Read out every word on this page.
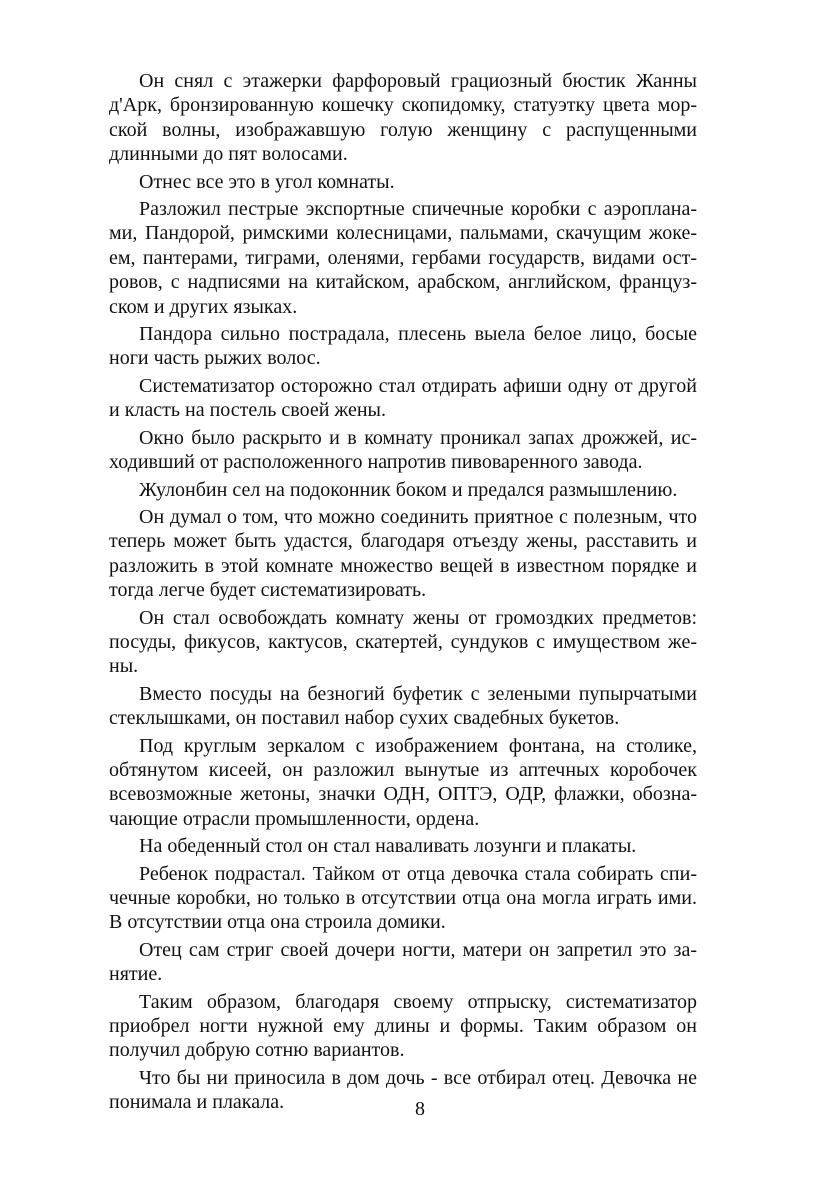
Он снял с этажерки фарфоровый грациозный бюстик Жанны
д'Арк, бронзированную кошечку скопидомку, статуэтку цвета мор-
ской волны, изображавшую голую женщину с распущенными
длинными до пят волосами.

Отнес все это в угол комнаты.

Разложил пестрые экспортные спичечные коробки с аэроплана-
ми, Пандорой, римскими колесницами, пальмами, скачущим жоке-
ем, пантерами, тиграми, оленями, гербами государств, видами ост-
ровов, с надписями на китайском, арабском, английском, француз-
ском и других языках.

Пандора сильно пострадала, плесень выела белое лицо, босые
ноги часть рыжих волос.

Систематизатор осторожно стал отдирать афиши одну от другой
и класть на постель своей жены.

Окно было раскрыто и в комнату проникал запах дрожжей, ис-
ходивший от расположенного напротив пивоваренного завода.

Жулонбин сел на подоконник боком и предался размышлению.

Он думал о том, что можно соединить приятное с полезным, что
теперь может быть удастся, благодаря отъезду жены, расставить и
разложить в этой комнате множество вещей в известном порядке и
тогда легче будет систематизировать.

Он стал освобождать комнату жены от громоздких предметов:
посуды, фикусов, кактусов, скатертей, сундуков с имуществом же-
ны.

Вместо посуды на безногий буфетик с зелеными пупырчатыми
стеклышками, он поставил набор сухих свадебных букетов.

Под круглым зеркалом с изображением фонтана, на столике,
обтянутом кисеей, он разложил вынутые из аптечных коробочек
всевозможные жетоны, значки ОДН, ОПТЭ, ОДР, флажки, обозна-
чающие отрасли промышленности, ордена.

На обеденный стол он стал наваливать лозунги и плакаты.

Ребенок подрастал. Тайком от отца девочка стала собирать спи-
чечные коробки, но только в отсутствии отца она могла играть ими.
В отсутствии отца она строила домики.

Отец сам стриг своей дочери ногти, матери он запретил это за-
нятие.

Таким образом, благодаря своему отпрыску, систематизатор
приобрел ногти нужной ему длины и формы. Таким образом он
получил добрую сотню вариантов.

Что бы ни приносила в дом дочь - все отбирал отец. Девочка не
понимала и плакала.	8
